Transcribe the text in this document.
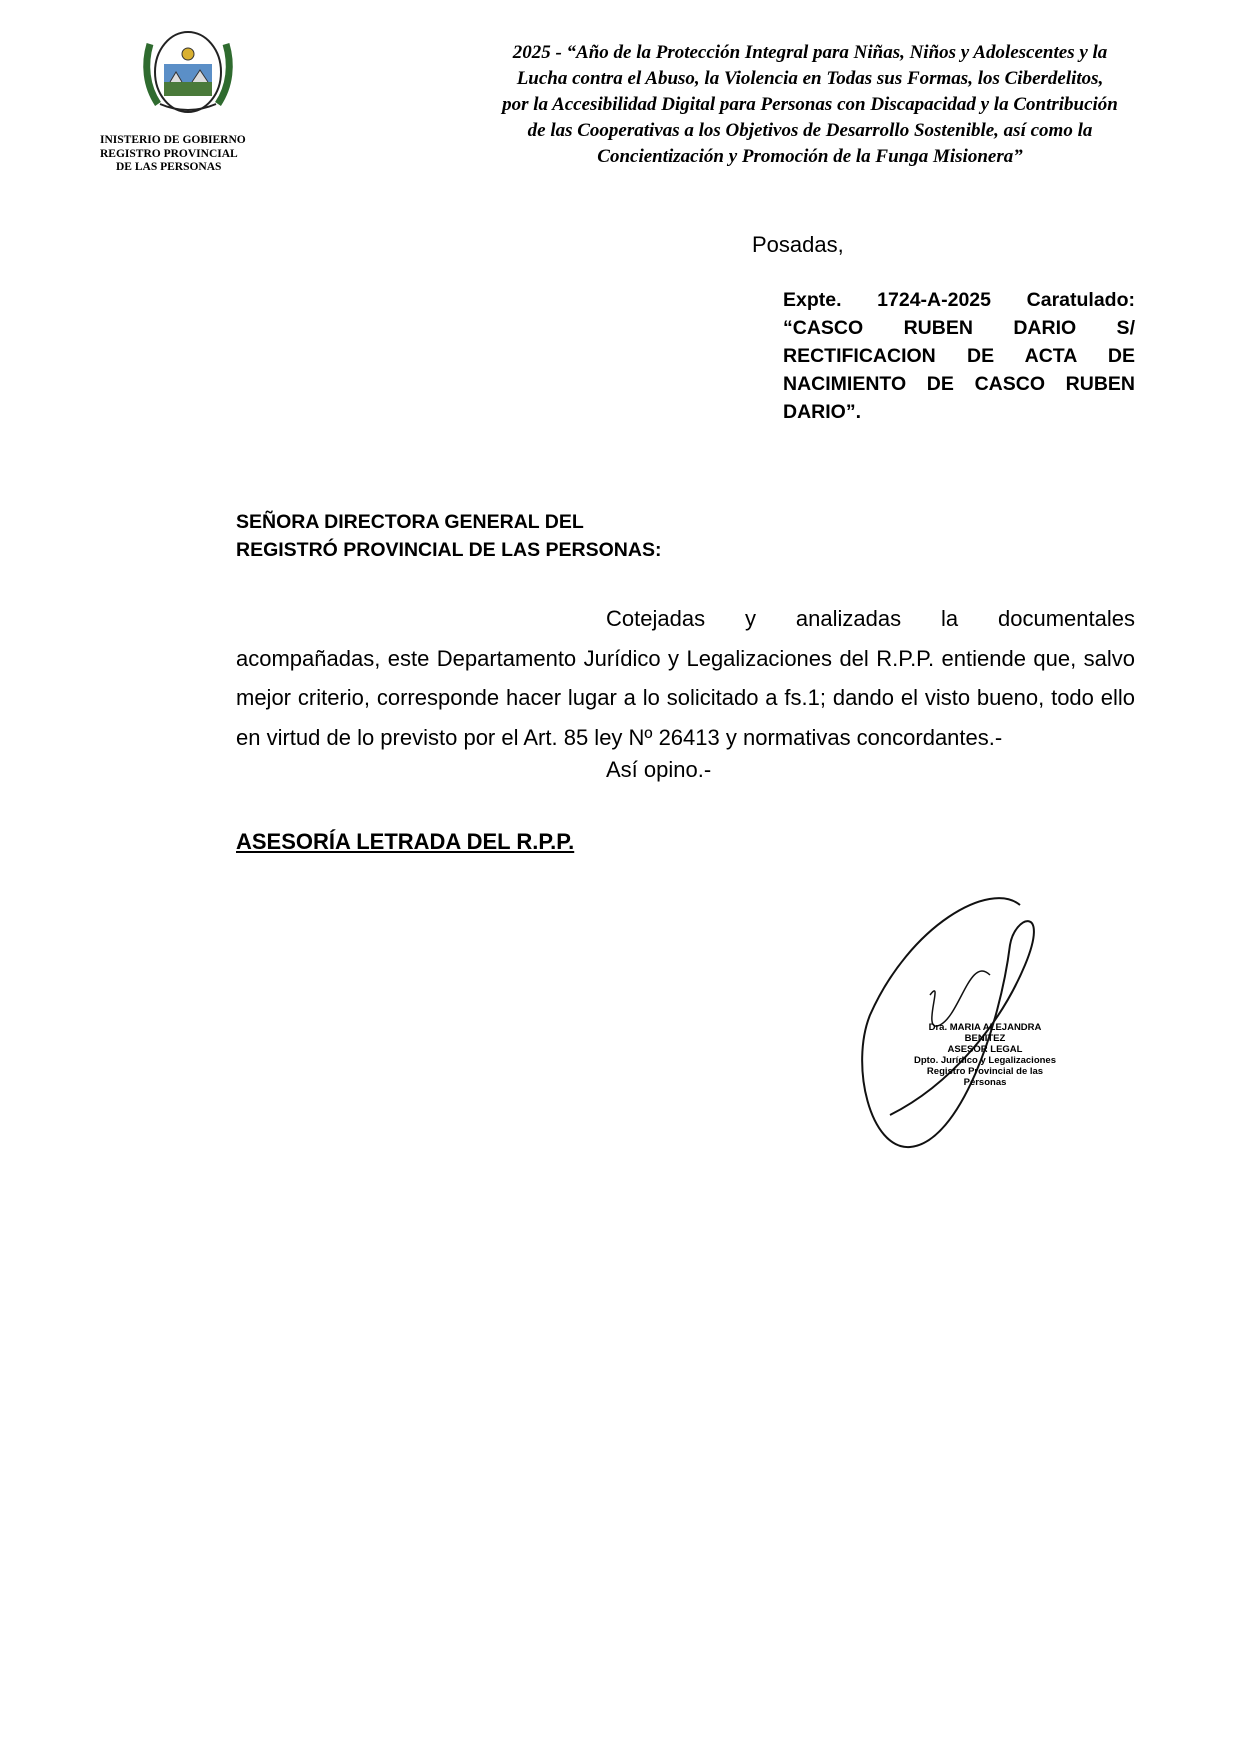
INISTERIO DE GOBIERNO
REGISTRO PROVINCIAL
DE LAS PERSONAS
2025 - “Año de la Protección Integral para Niñas, Niños y Adolescentes y la
Lucha contra el Abuso, la Violencia en Todas sus Formas, los Ciberdelitos,
por la Accesibilidad Digital para Personas con Discapacidad y la Contribución
de las Cooperativas a los Objetivos de Desarrollo Sostenible, así como la
Concientización y Promoción de la Funga Misionera”
Posadas,
Expte. 1724-A-2025 Caratulado: “CASCO RUBEN DARIO S/ RECTIFICACION DE ACTA DE NACIMIENTO DE CASCO RUBEN DARIO”.
SEÑORA DIRECTORA GENERAL DEL
REGISTRÓ PROVINCIAL DE LAS PERSONAS:
Cotejadas y analizadas la documentales acompañadas, este Departamento Jurídico y Legalizaciones del R.P.P. entiende que, salvo mejor criterio, corresponde hacer lugar a lo solicitado a fs.1; dando el visto bueno, todo ello en virtud de lo previsto por el Art. 85 ley Nº 26413 y normativas concordantes.-
Así opino.-
ASESORÍA LETRADA DEL R.P.P.
Dra. MARIA ALEJANDRA BENITEZ
ASESOR LEGAL
Dpto. Jurídico y Legalizaciones
Registro Provincial de las Personas
